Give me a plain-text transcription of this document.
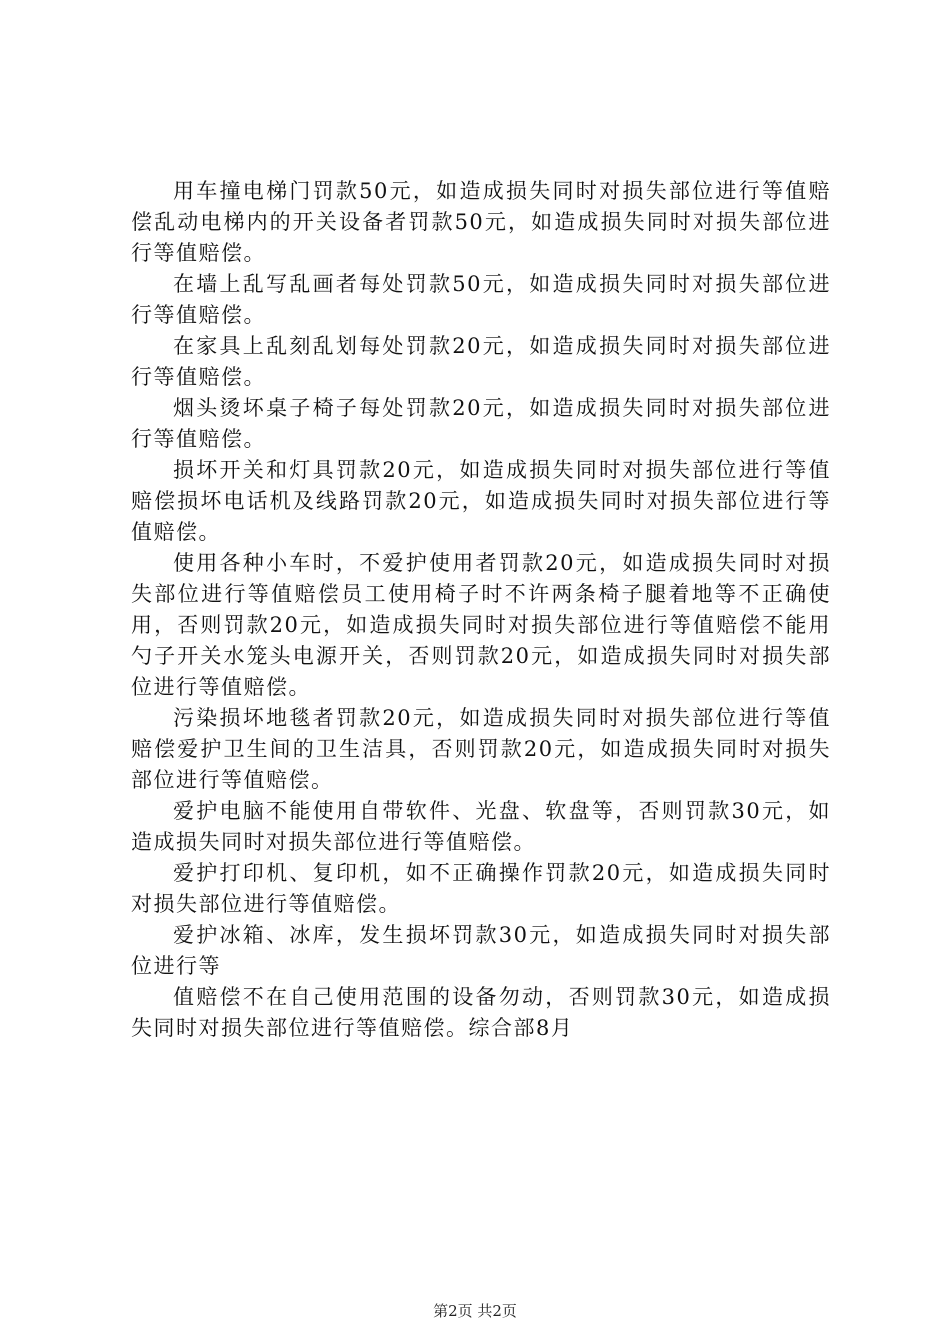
用车撞电梯门罚款50元，如造成损失同时对损失部位进行等值赔偿乱动电梯内的开关设备者罚款50元，如造成损失同时对损失部位进行等值赔偿。

在墙上乱写乱画者每处罚款50元，如造成损失同时对损失部位进行等值赔偿。

在家具上乱刻乱划每处罚款20元，如造成损失同时对损失部位进行等值赔偿。

烟头烫坏桌子椅子每处罚款20元，如造成损失同时对损失部位进行等值赔偿。

损坏开关和灯具罚款20元，如造成损失同时对损失部位进行等值赔偿损坏电话机及线路罚款20元，如造成损失同时对损失部位进行等值赔偿。

使用各种小车时，不爱护使用者罚款20元，如造成损失同时对损失部位进行等值赔偿员工使用椅子时不许两条椅子腿着地等不正确使用，否则罚款20元，如造成损失同时对损失部位进行等值赔偿不能用勺子开关水笼头电源开关，否则罚款20元，如造成损失同时对损失部位进行等值赔偿。

污染损坏地毯者罚款20元，如造成损失同时对损失部位进行等值赔偿爱护卫生间的卫生洁具，否则罚款20元，如造成损失同时对损失部位进行等值赔偿。

爱护电脑不能使用自带软件、光盘、软盘等，否则罚款30元，如造成损失同时对损失部位进行等值赔偿。

爱护打印机、复印机，如不正确操作罚款20元，如造成损失同时对损失部位进行等值赔偿。

爱护冰箱、冰库，发生损坏罚款30元，如造成损失同时对损失部位进行等

值赔偿不在自己使用范围的设备勿动，否则罚款30元，如造成损失同时对损失部位进行等值赔偿。综合部8月

第2页 共2页
